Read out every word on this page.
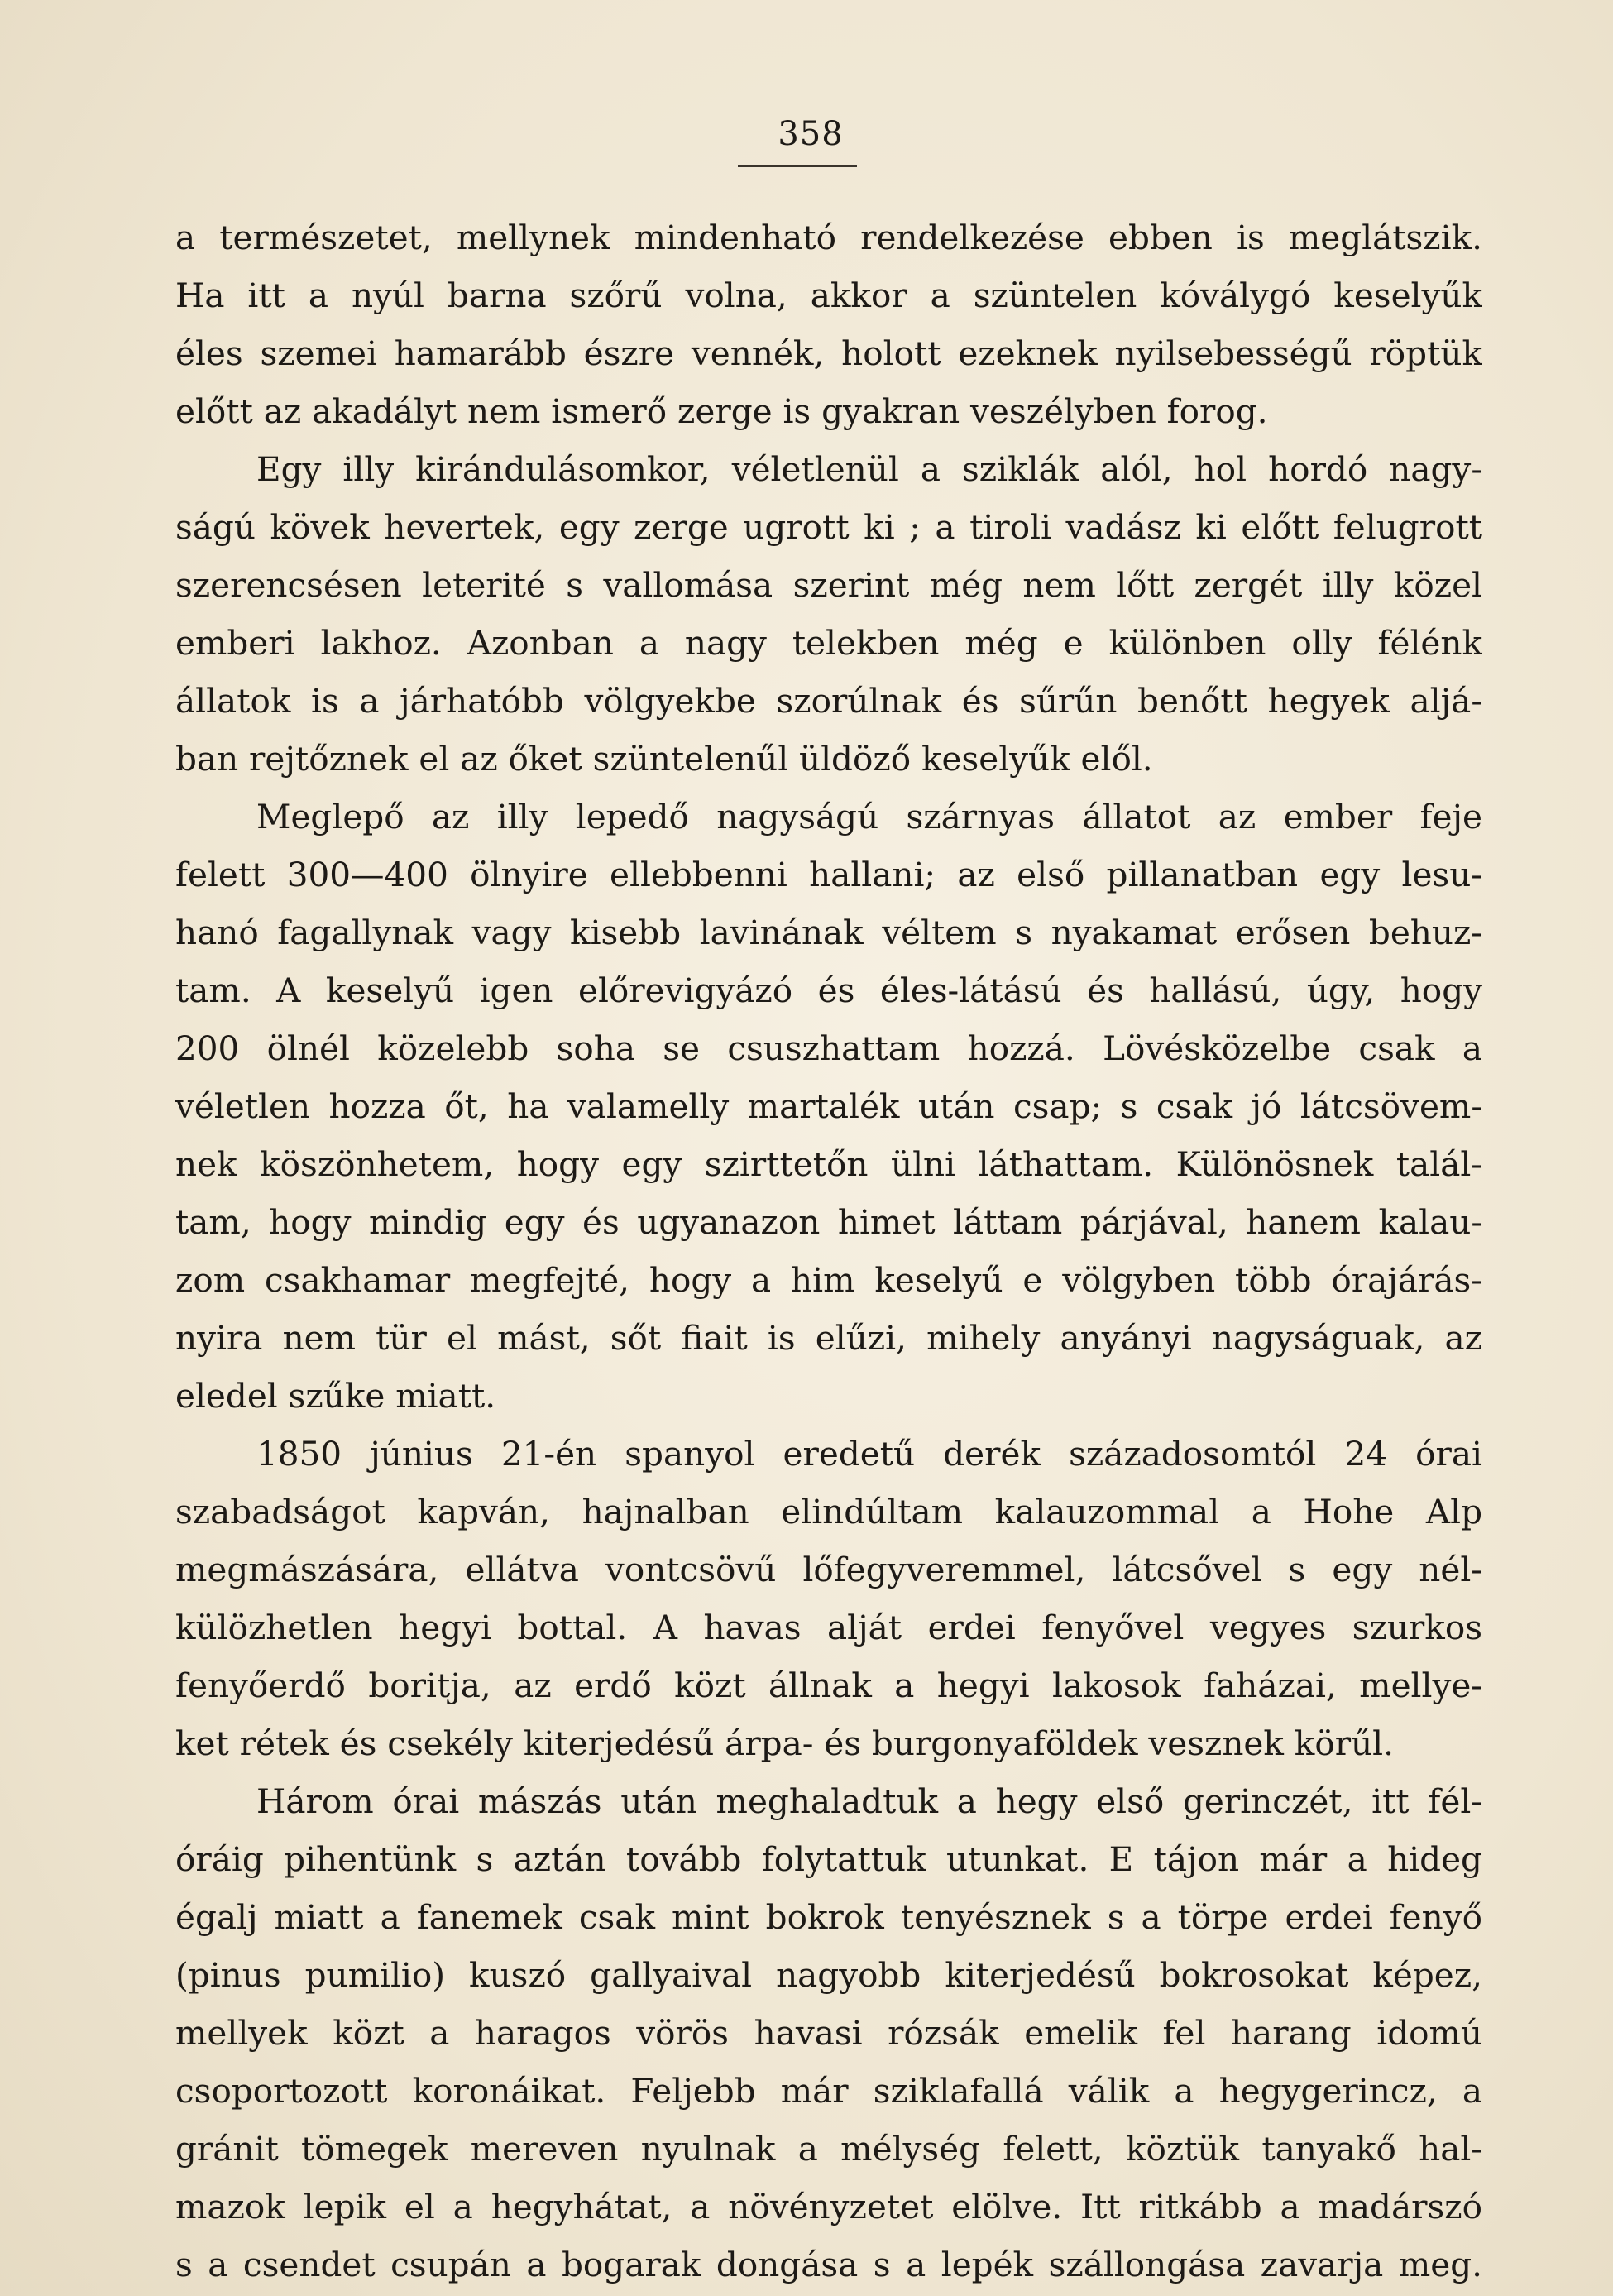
358
a természetet, mellynek mindenható rendelkezése ebben is meglátszik.
Ha itt a nyúl barna szőrű volna, akkor a szüntelen kóválygó keselyűk
éles szemei hamarább észre vennék, holott ezeknek nyilsebességű röptük
előtt az akadályt nem ismerő zerge is gyakran veszélyben forog.
Egy illy kirándulásomkor, véletlenül a sziklák alól, hol hordó nagy-
ságú kövek hevertek, egy zerge ugrott ki ; a tiroli vadász ki előtt felugrott
szerencsésen leterité s vallomása szerint még nem lőtt zergét illy közel
emberi lakhoz. Azonban a nagy telekben még e különben olly félénk
állatok is a járhatóbb völgyekbe szorúlnak és sűrűn benőtt hegyek aljá-
ban rejtőznek el az őket szüntelenűl üldöző keselyűk elől.
Meglepő az illy lepedő nagyságú szárnyas állatot az ember feje
felett 300—400 ölnyire ellebbenni hallani; az első pillanatban egy lesu-
hanó fagallynak vagy kisebb lavinának véltem s nyakamat erősen behuz-
tam. A keselyű igen előrevigyázó és éles-látású és hallású, úgy, hogy
200 ölnél közelebb soha se csuszhattam hozzá. Lövésközelbe csak a
véletlen hozza őt, ha valamelly martalék után csap; s csak jó látcsövem-
nek köszönhetem, hogy egy szirttetőn ülni láthattam. Különösnek talál-
tam, hogy mindig egy és ugyanazon himet láttam párjával, hanem kalau-
zom csakhamar megfejté, hogy a him keselyű e völgyben több órajárás-
nyira nem tür el mást, sőt fiait is elűzi, mihely anyányi nagyságuak, az
eledel szűke miatt.
1850 június 21-én spanyol eredetű derék századosomtól 24 órai
szabadságot kapván, hajnalban elindúltam kalauzommal a Hohe Alp
megmászására, ellátva vontcsövű lőfegyveremmel, látcsővel s egy nél-
külözhetlen hegyi bottal. A havas alját erdei fenyővel vegyes szurkos
fenyőerdő boritja, az erdő közt állnak a hegyi lakosok faházai, mellye-
ket rétek és csekély kiterjedésű árpa- és burgonyaföldek vesznek körűl.
Három órai mászás után meghaladtuk a hegy első gerinczét, itt fél-
óráig pihentünk s aztán tovább folytattuk utunkat. E tájon már a hideg
égalj miatt a fanemek csak mint bokrok tenyésznek s a törpe erdei fenyő
(pinus pumilio) kuszó gallyaival nagyobb kiterjedésű bokrosokat képez,
mellyek közt a haragos vörös havasi rózsák emelik fel harang idomú
csoportozott koronáikat. Feljebb már sziklafallá válik a hegygerincz, a
gránit tömegek mereven nyulnak a mélység felett, köztük tanyakő hal-
mazok lepik el a hegyhátat, a növényzetet elölve. Itt ritkább a madárszó
s a csendet csupán a bogarak dongása s a lepék szállongása zavarja meg.
